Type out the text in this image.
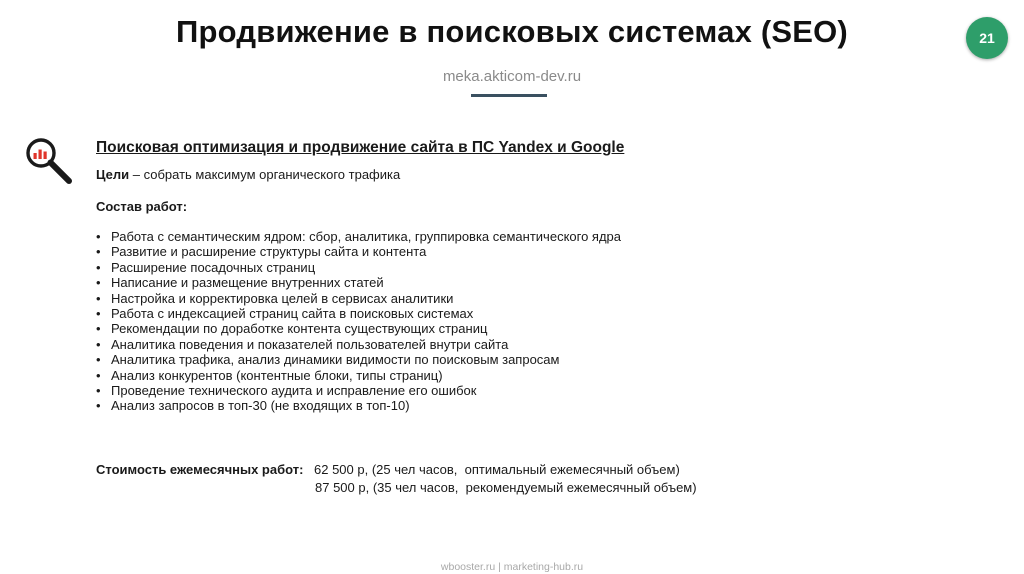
Продвижение в поисковых системах (SEO)	21
meka.akticom-dev.ru
Поисковая оптимизация и продвижение сайта в ПС Yandex и Google
Цели – собрать максимум органического трафика
Состав работ:
• Работа с семантическим ядром: сбор, аналитика, группировка семантического ядра
• Развитие и расширение структуры сайта и контента
• Расширение посадочных страниц
• Написание и размещение внутренних статей
• Настройка и корректировка целей в сервисах аналитики
• Работа с индексацией страниц сайта в поисковых системах
• Рекомендации по доработке контента существующих страниц
• Аналитика поведения и показателей пользователей внутри сайта
• Аналитика трафика, анализ динамики видимости по поисковым запросам
• Анализ конкурентов (контентные блоки, типы страниц)
• Проведение технического аудита и исправление его ошибок
• Анализ запросов в топ-30 (не входящих в топ-10)
Стоимость ежемесячных работ: 62 500 р, (25 чел часов,  оптимальный ежемесячный объем)
87 500 р, (35 чел часов,  рекомендуемый ежемесячный объем)
wbooster.ru | marketing-hub.ru
